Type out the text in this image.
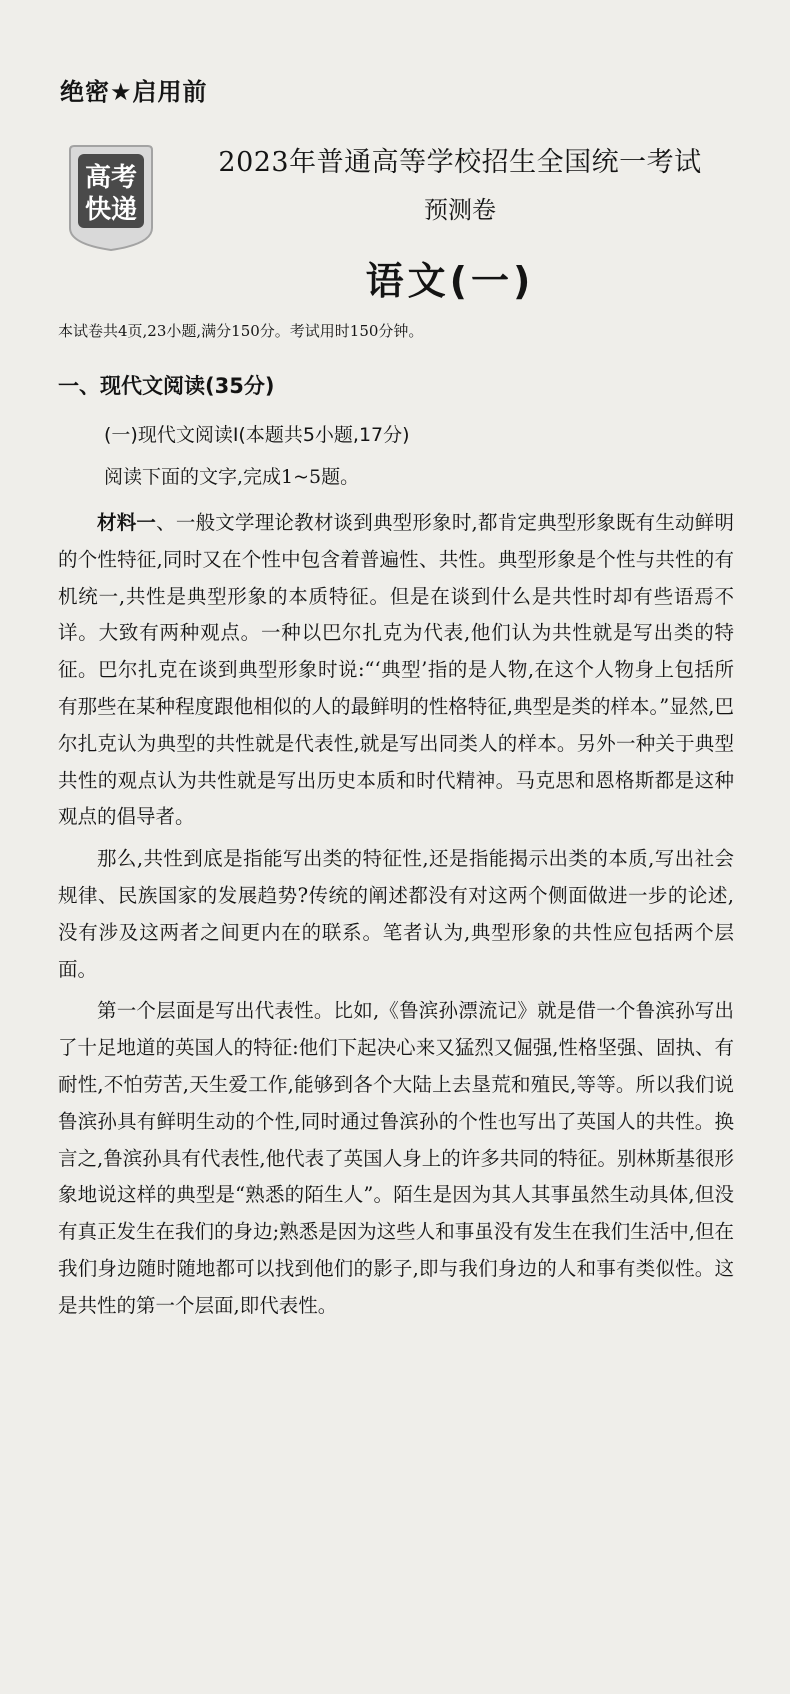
绝密★启用前
高考
快递
2023年普通高等学校招生全国统一考试
预测卷
语文(一)
本试卷共4页,23小题,满分150分。考试用时150分钟。
一、现代文阅读(35分)
(一)现代文阅读Ⅰ(本题共5小题,17分)
阅读下面的文字,完成1~5题。

材料一、一般文学理论教材谈到典型形象时,都肯定典型形象既有生动鲜明的个性特征,同时又在个性中包含着普遍性、共性。典型形象是个性与共性的有机统一,共性是典型形象的本质特征。但是在谈到什么是共性时却有些语焉不详。大致有两种观点。一种以巴尔扎克为代表,他们认为共性就是写出类的特征。巴尔扎克在谈到典型形象时说:“‘典型’指的是人物,在这个人物身上包括所有那些在某种程度跟他相似的人的最鲜明的性格特征,典型是类的样本。”显然,巴尔扎克认为典型的共性就是代表性,就是写出同类人的样本。另外一种关于典型共性的观点认为共性就是写出历史本质和时代精神。马克思和恩格斯都是这种观点的倡导者。

那么,共性到底是指能写出类的特征性,还是指能揭示出类的本质,写出社会规律、民族国家的发展趋势?传统的阐述都没有对这两个侧面做进一步的论述,没有涉及这两者之间更内在的联系。笔者认为,典型形象的共性应包括两个层面。

第一个层面是写出代表性。比如,《鲁滨孙漂流记》就是借一个鲁滨孙写出了十足地道的英国人的特征:他们下起决心来又猛烈又倔强,性格坚强、固执、有耐性,不怕劳苦,天生爱工作,能够到各个大陆上去垦荒和殖民,等等。所以我们说鲁滨孙具有鲜明生动的个性,同时通过鲁滨孙的个性也写出了英国人的共性。换言之,鲁滨孙具有代表性,他代表了英国人身上的许多共同的特征。别林斯基很形象地说这样的典型是“熟悉的陌生人”。陌生是因为其人其事虽然生动具体,但没有真正发生在我们的身边;熟悉是因为这些人和事虽没有发生在我们生活中,但在我们身边随时随地都可以找到他们的影子,即与我们身边的人和事有类似性。这是共性的第一个层面,即代表性。
